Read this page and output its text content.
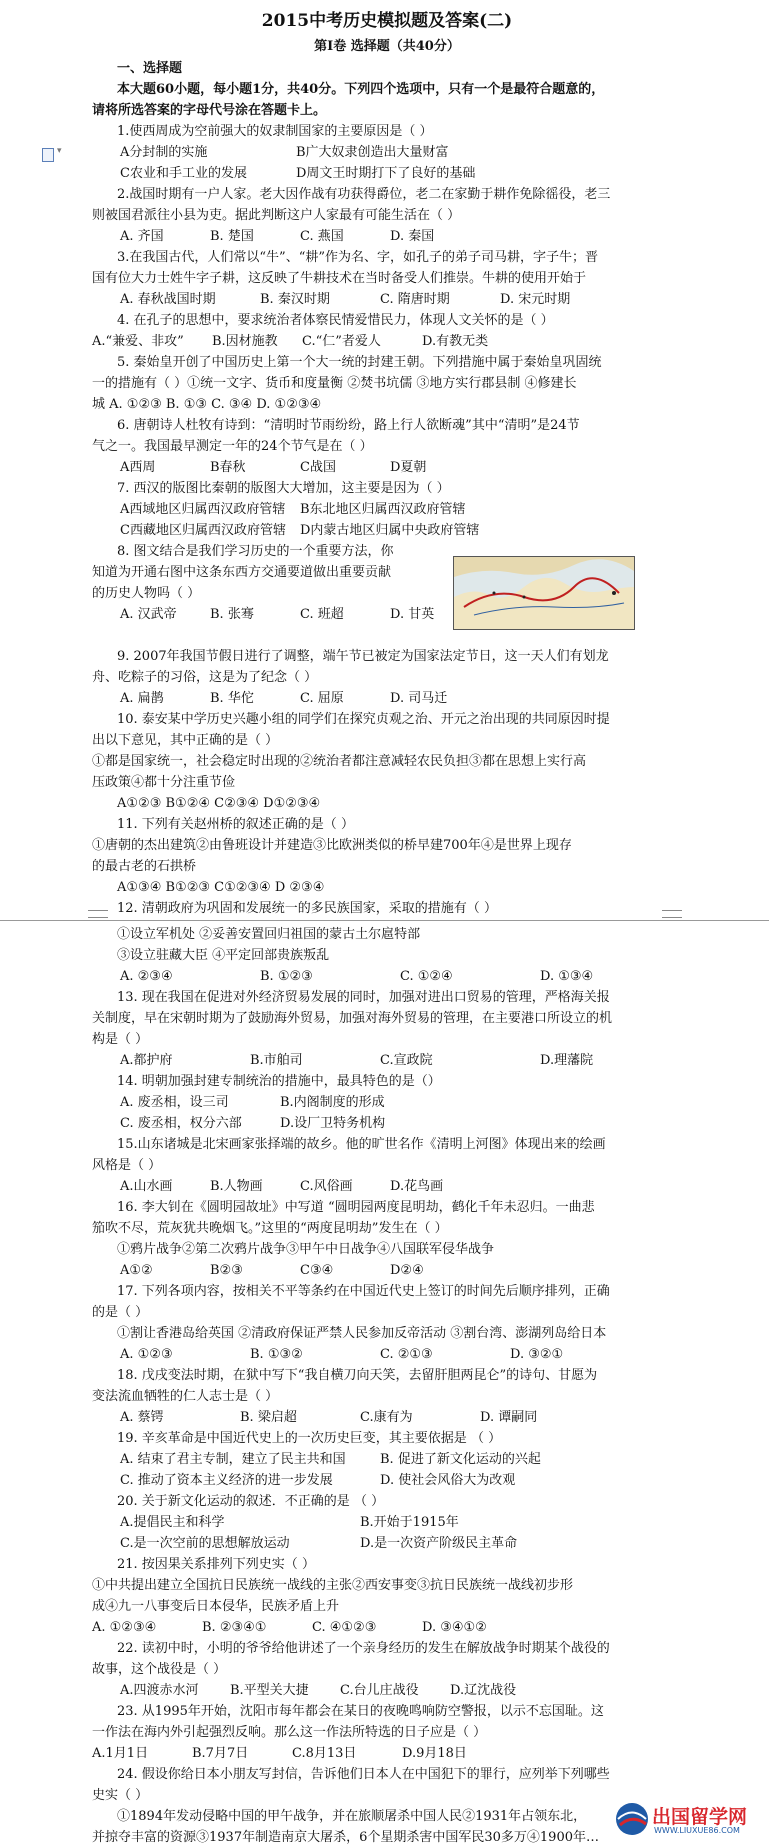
▾
2015中考历史模拟题及答案(二)
第Ⅰ卷 选择题（共40分）
一、选择题
本大题60小题，每小题1分，共40分。下列四个选项中，只有一个是最符合题意的，
请将所选答案的字母代号涂在答题卡上。
1.使西周成为空前强大的奴隶制国家的主要原因是（ ）
A分封制的实施	B广大奴隶创造出大量财富
C农业和手工业的发展	D周文王时期打下了良好的基础
2.战国时期有一户人家。老大因作战有功获得爵位，老二在家勤于耕作免除徭役，老三
则被国君派往小县为吏。据此判断这户人家最有可能生活在（ ）
A. 齐国	B. 楚国	C. 燕国	D. 秦国
3.在我国古代，人们常以“牛”、“耕”作为名、字，如孔子的弟子司马耕，字子牛；晋
国有位大力士姓牛字子耕，这反映了牛耕技术在当时备受人们推崇。牛耕的使用开始于
A. 春秋战国时期	B. 秦汉时期	C. 隋唐时期	D. 宋元时期
4. 在孔子的思想中，要求统治者体察民情爱惜民力，体现人文关怀的是（ ）
A.“兼爱、非攻”	B.因材施教	C.“仁”者爱人	D.有教无类
5. 秦始皇开创了中国历史上第一个大一统的封建王朝。下列措施中属于秦始皇巩固统
一的措施有（ ）①统一文字、货币和度量衡 ②焚书坑儒 ③地方实行郡县制 ④修建长
城 A. ①②③ B. ①③ C. ③④ D. ①②③④
6. 唐朝诗人杜牧有诗到：“清明时节雨纷纷，路上行人欲断魂”其中“清明”是24节
气之一。我国最早测定一年的24个节气是在（ ）
A西周	B春秋	C战国	D夏朝
7. 西汉的版图比秦朝的版图大大增加，这主要是因为（ ）
A西域地区归属西汉政府管辖	B东北地区归属西汉政府管辖
C西藏地区归属西汉政府管辖	D内蒙古地区归属中央政府管辖
8. 图文结合是我们学习历史的一个重要方法，你
知道为开通右图中这条东西方交通要道做出重要贡献
的历史人物吗（ ）
A. 汉武帝	B. 张骞	C. 班超	D. 甘英
9. 2007年我国节假日进行了调整，端午节已被定为国家法定节日，这一天人们有划龙
舟、吃粽子的习俗，这是为了纪念（ ）
A. 扁鹊	B. 华佗	C. 屈原	D. 司马迁
10. 泰安某中学历史兴趣小组的同学们在探究贞观之治、开元之治出现的共同原因时提
出以下意见，其中正确的是（ ）
①都是国家统一，社会稳定时出现的②统治者都注意减轻农民负担③都在思想上实行高
压政策④都十分注重节俭
A①②③ B①②④ C②③④ D①②③④
11. 下列有关赵州桥的叙述正确的是（ ）
①唐朝的杰出建筑②由鲁班设计并建造③比欧洲类似的桥早建700年④是世界上现存
的最古老的石拱桥
A①③④ B①②③ C①②③④ D ②③④
12. 清朝政府为巩固和发展统一的多民族国家，采取的措施有（ ）
①设立军机处 ②妥善安置回归祖国的蒙古土尔扈特部
③设立驻藏大臣 ④平定回部贵族叛乱
A. ②③④	B. ①②③	C. ①②④	D. ①③④
13. 现在我国在促进对外经济贸易发展的同时，加强对进出口贸易的管理，严格海关报
关制度，早在宋朝时期为了鼓励海外贸易，加强对海外贸易的管理，在主要港口所设立的机
构是（ ）
A.都护府	B.市舶司	C.宣政院	D.理藩院
14. 明朝加强封建专制统治的措施中，最具特色的是（）
A. 废丞相，设三司	B.内阁制度的形成
C. 废丞相，权分六部	D.设厂卫特务机构
15.山东诸城是北宋画家张择端的故乡。他的旷世名作《清明上河图》体现出来的绘画
风格是（ ）
A.山水画	B.人物画	C.风俗画	D.花鸟画
16. 李大钊在《圆明园故址》中写道 “圆明园两度昆明劫，鹤化千年未忍归。一曲悲
笳吹不尽，荒灰犹共晚烟飞。”这里的“两度昆明劫”发生在（ ）
①鸦片战争②第二次鸦片战争③甲午中日战争④八国联军侵华战争
A①②	B②③	C③④	D②④
17. 下列各项内容，按相关不平等条约在中国近代史上签订的时间先后顺序排列，正确
的是（ ）
①割让香港岛给英国 ②清政府保证严禁人民参加反帝活动 ③割台湾、澎湖列岛给日本
A. ①②③	B. ①③②	C. ②①③	D. ③②①
18. 戊戌变法时期，在狱中写下“我自横刀向天笑，去留肝胆两昆仑”的诗句、甘愿为
变法流血牺牲的仁人志士是（ ）
A. 蔡锷	B. 梁启超	C.康有为	D. 谭嗣同
19. 辛亥革命是中国近代史上的一次历史巨变，其主要依据是 （ ）
A. 结束了君主专制，建立了民主共和国	B. 促进了新文化运动的兴起
C. 推动了资本主义经济的进一步发展	D. 使社会风俗大为改观
20. 关于新文化运动的叙述．不正确的是 （ ）
A.提倡民主和科学	B.开始于1915年
C.是一次空前的思想解放运动	D.是一次资产阶级民主革命
21. 按因果关系排列下列史实（ ）
①中共提出建立全国抗日民族统一战线的主张②西安事变③抗日民族统一战线初步形
成④九一八事变后日本侵华，民族矛盾上升
A. ①②③④	B. ②③④①	C. ④①②③	D. ③④①②
22. 读初中时，小明的爷爷给他讲述了一个亲身经历的发生在解放战争时期某个战役的
故事，这个战役是（ ）
A.四渡赤水河	B.平型关大捷	C.台儿庄战役	D.辽沈战役
23. 从1995年开始，沈阳市每年都会在某日的夜晚鸣响防空警报，以示不忘国耻。这
一作法在海内外引起强烈反响。那么这一作法所特选的日子应是（ ）
A.1月1日	B.7月7日	C.8月13日	D.9月18日
24. 假设你给日本小朋友写封信，告诉他们日本人在中国犯下的罪行，应列举下列哪些
史实（ ）
①1894年发动侵略中国的甲午战争，并在旅顺屠杀中国人民②1931年占领东北，
并掠夺丰富的资源③1937年制造南京大屠杀，6个星期杀害中国军民30多万④1900年…
出国留学网
WWW.LIUXUE86.COM
